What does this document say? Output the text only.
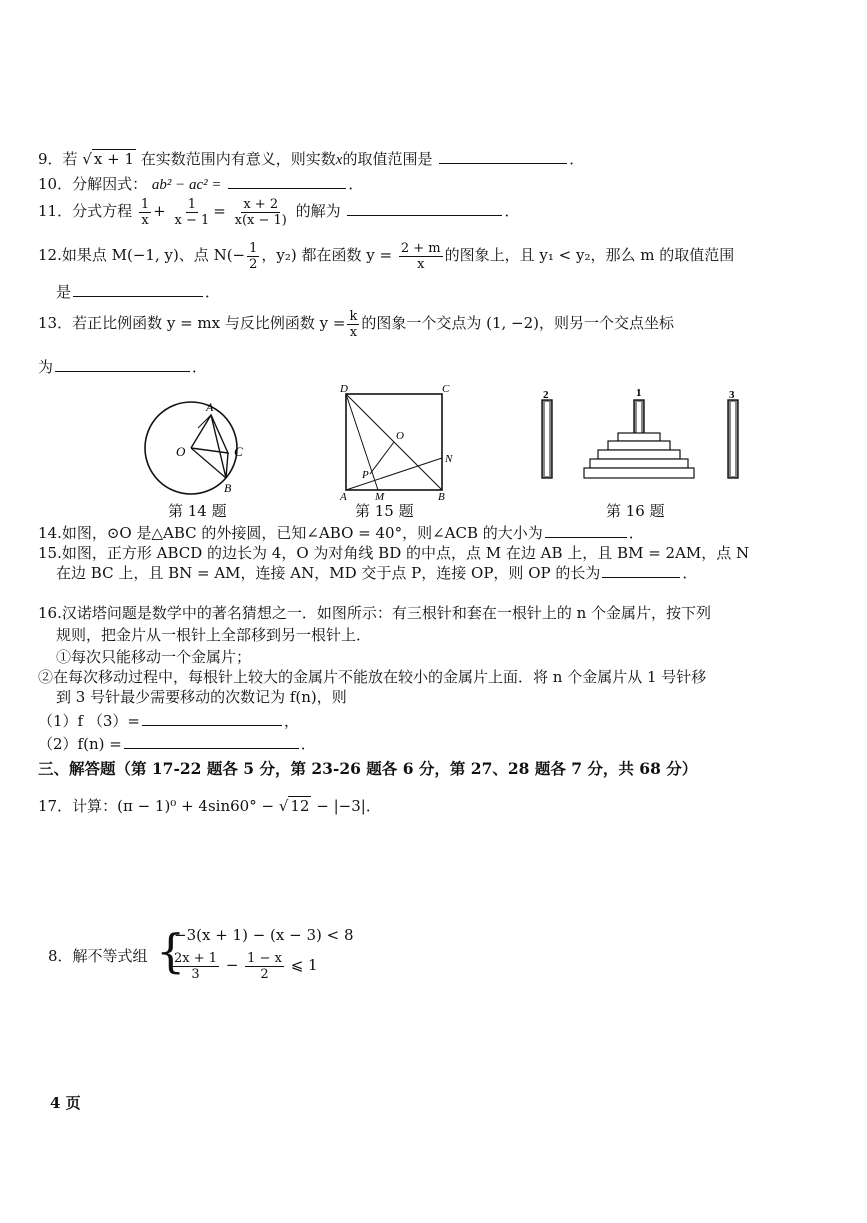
9．若 √ x + 1 在实数范围内有意义，则实数x的取值范围是	．
10．分解因式： ab² − ac² =	．
11．分式方程 $\frac{1}{x} + \frac{1}{x - 1} = \frac{x + 2}{x(x - 1)}$ 的解为	．
12.如果点 M(−1, y)、点 $N(- \frac{1}{2}$ ，y₂) 都在函数 $y = \frac{2 + m}{x}$ 的图象上，且 y₁ < y₂，那么 m 的取值范围
是	．
13．若正比例函数 y = mx 与反比例函数 $y = \frac{k}{x}$ 的图象一个交点为 (1, −2)，则另一个交点坐标
为	．
A
O	C
B
D	C
O
N
P
A	M	B
2	1	3
第 14 题	第 15 题	第 16 题
14.如图，⊙O 是△ABC 的外接圆，已知∠ABO = 40°，则∠ACB 的大小为	．
15.如图，正方形 ABCD 的边长为 4，O 为对角线 BD 的中点，点 M 在边 AB 上，且 BM = 2AM，点 N
在边 BC 上，且 BN = AM，连接 AN，MD 交于点 P，连接 OP，则 OP 的长为	．
16.汉诺塔问题是数学中的著名猜想之一．如图所示：有三根针和套在一根针上的 n 个金属片，按下列
规则，把金片从一根针上全部移到另一根针上．
①每次只能移动一个金属片；
②在每次移动过程中，每根针上较大的金属片不能放在较小的金属片上面．将 n 个金属片从 1 号针移
到 3 号针最少需要移动的次数记为 f(n)，则
（1）f （3）=	，
（2）f(n) =	．
三、解答题（第 17-22 题各 5 分，第 23-26 题各 6 分，第 27、28 题各 7 分，共 68 分）
17．计算：(π − 1)⁰ + 4sin60° − √ 12 − |−3|．
8．解不等式组 {
−3(x + 1) − (x − 3) < 8
$\frac{2x + 1}{3} - \frac{1 - x}{2}$ ⩽ 1
4 页
